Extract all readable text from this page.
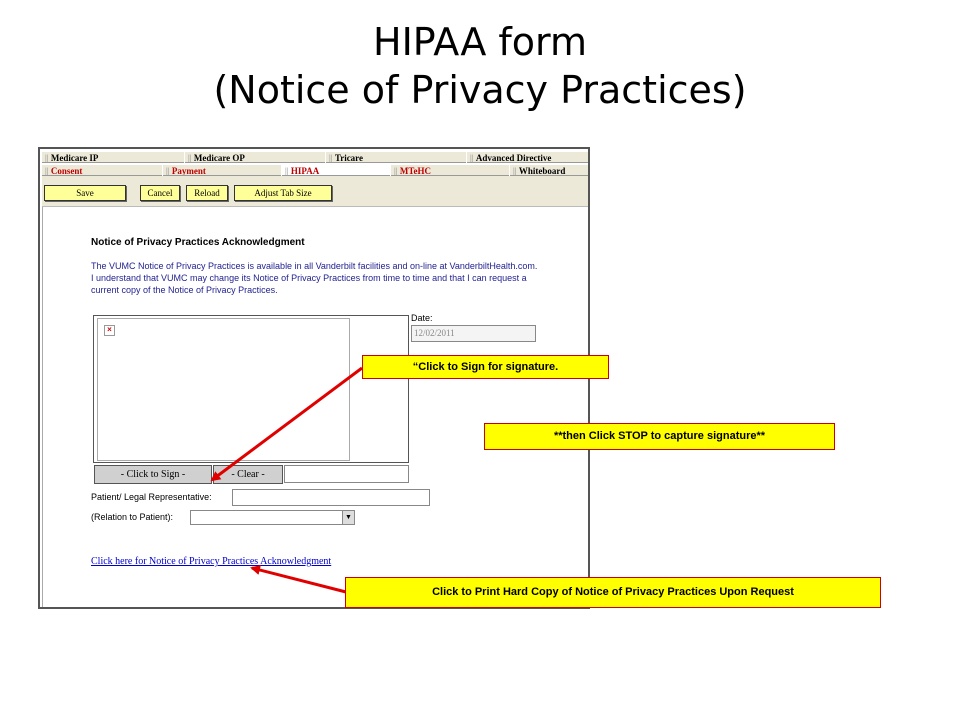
HIPAA form
(Notice of Privacy Practices)
|| Medicare IP	|| Medicare OP	|| Tricare	|| Advanced Directive
|| Consent	|| Payment	|| HIPAA	|| MTeHC	|| Whiteboard
Save	Cancel	Reload	Adjust Tab Size
Notice of Privacy Practices Acknowledgment
The VUMC Notice of Privacy Practices is available in all Vanderbilt facilities and on-line at VanderbiltHealth.com. I understand that VUMC may change its Notice of Privacy Practices from time to time and that I can request a current copy of the Notice of Privacy Practices.
×
Date:
12/02/2011
- Click to Sign -	- Clear -
Patient/ Legal Representative:
(Relation to Patient):	▼
Click here for Notice of Privacy Practices Acknowledgment
“Click to Sign for signature.
**then Click STOP to capture signature**
Click to Print Hard Copy of Notice of Privacy Practices Upon Request
